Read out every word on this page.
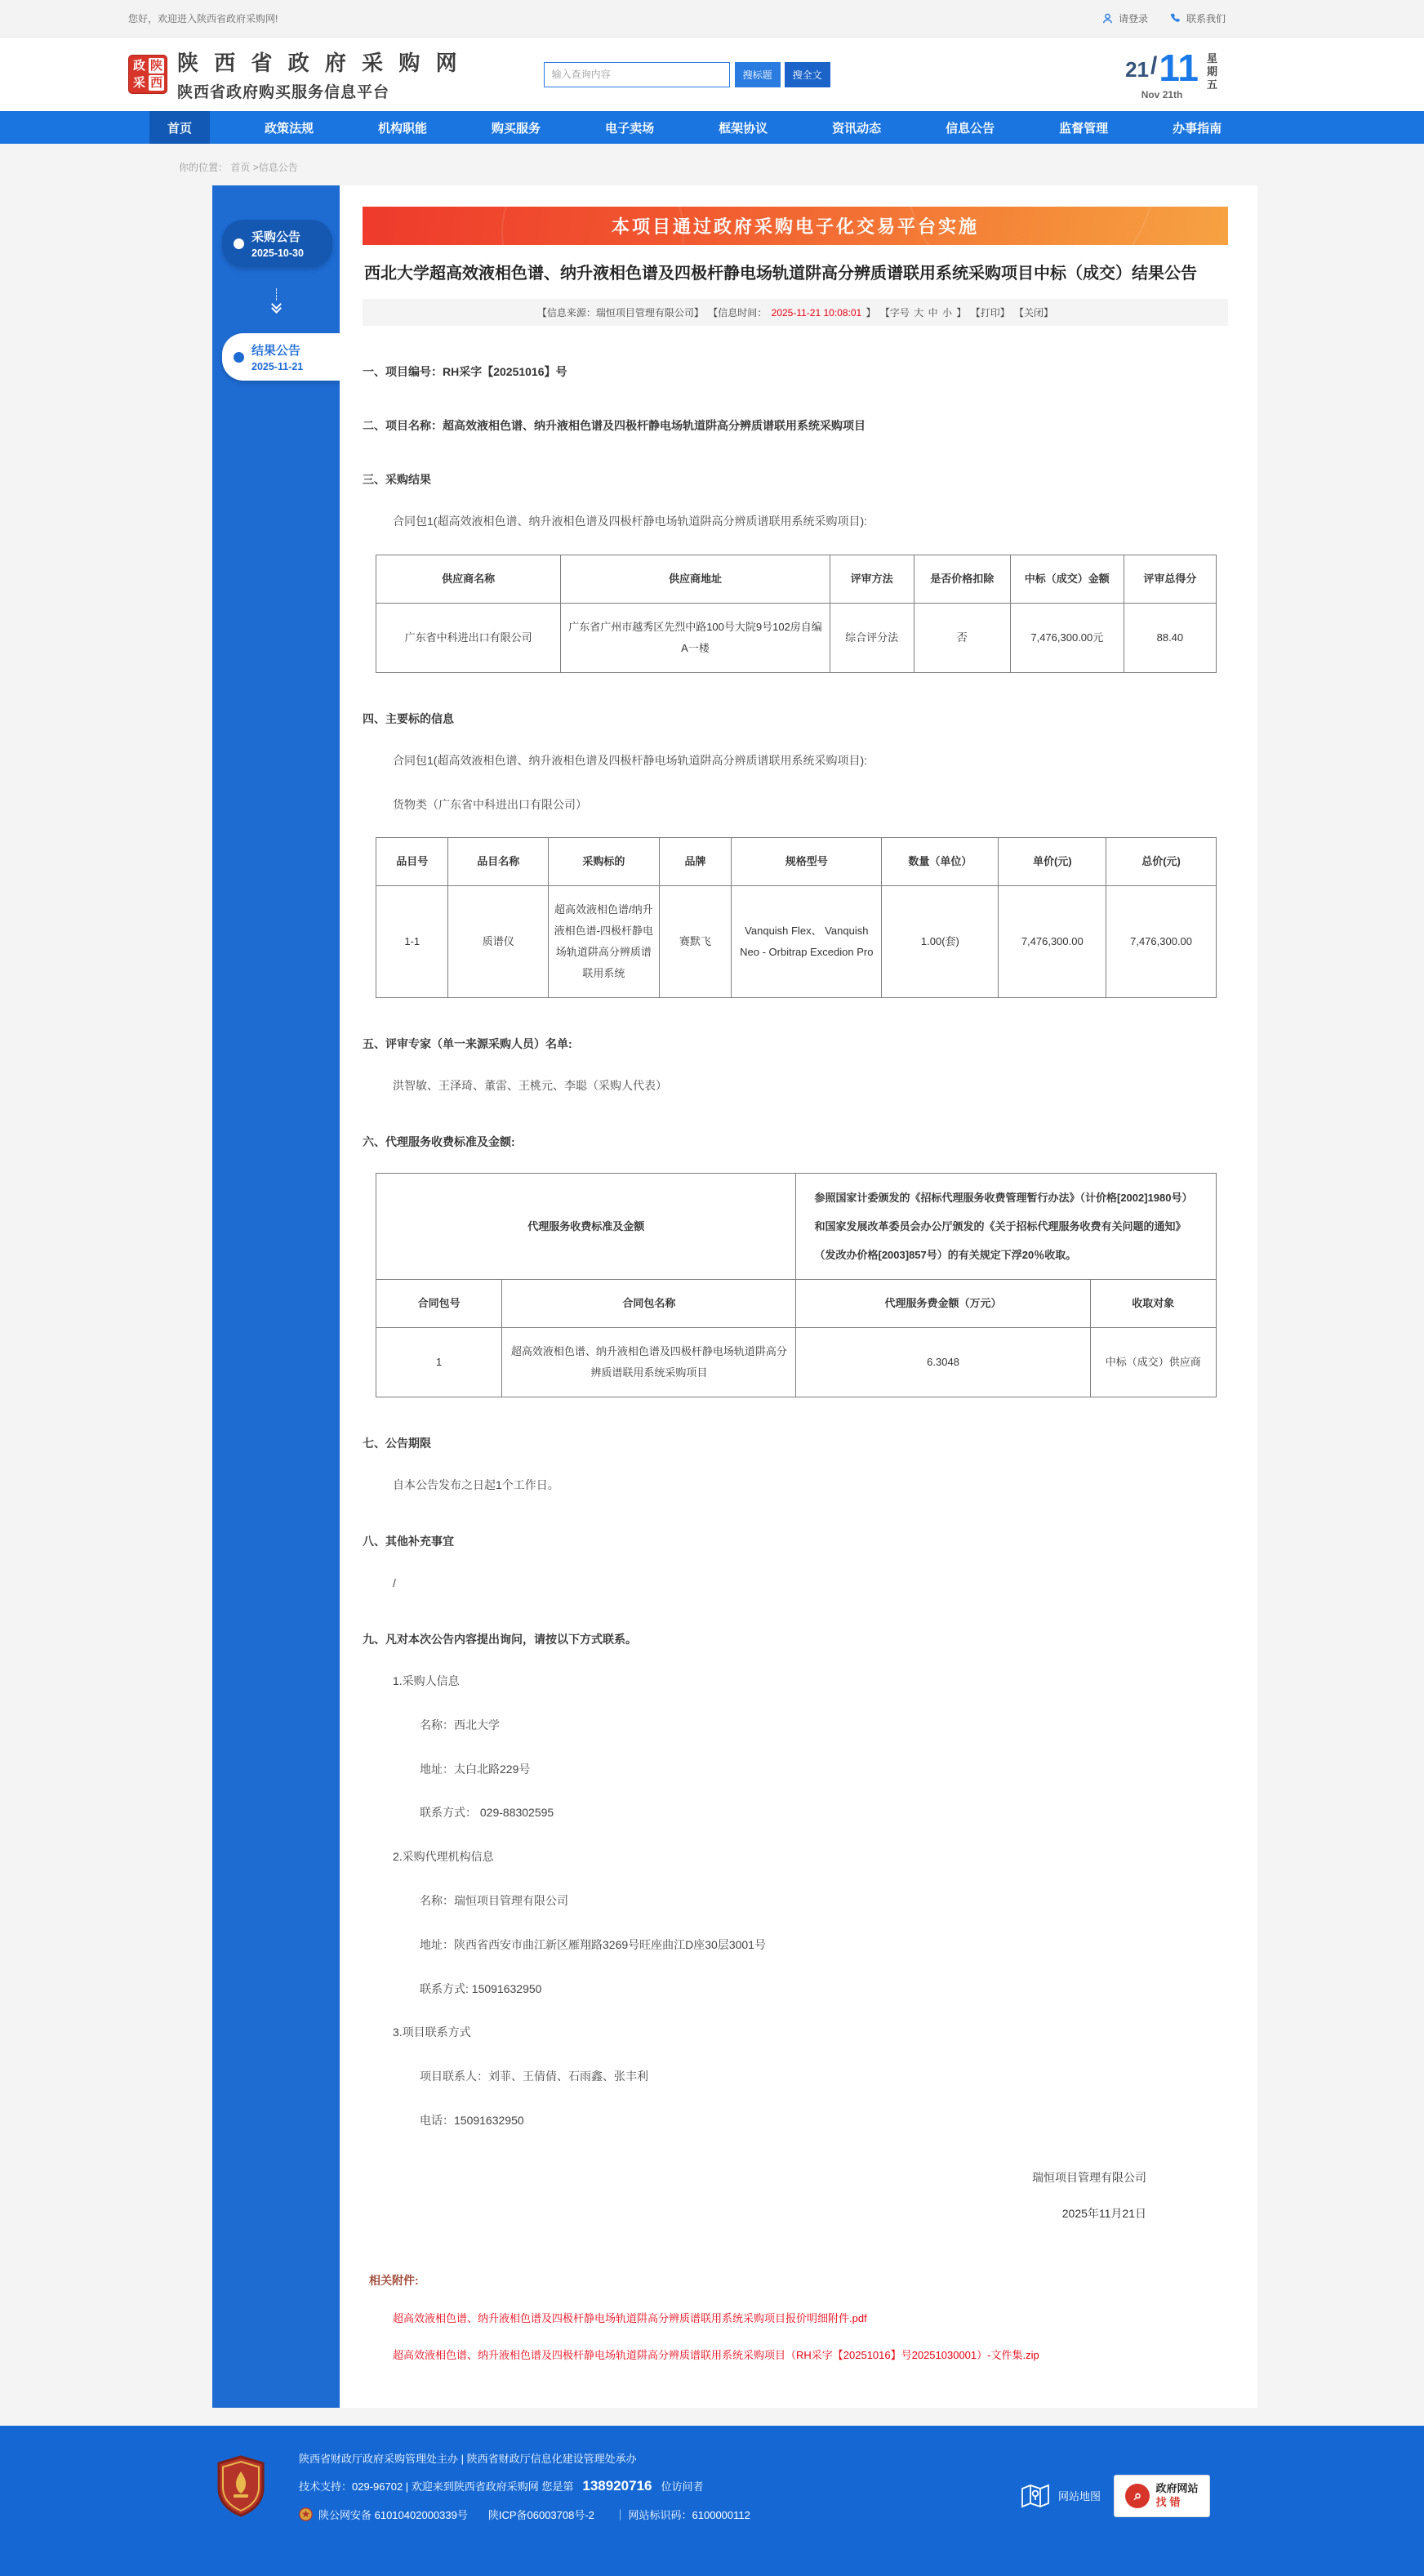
您好，欢迎进入陕西省政府采购网!	请登录	联系我们
政 陕
采 西
陕 西 省 政 府 采 购 网
陕西省政府购买服务信息平台
输入查询内容
搜标题	搜全文	21 / 11
Nov 21th
星
期
五
首页	政策法规	机构职能	购买服务	电子卖场	框架协议	资讯动态	信息公告	监督管理	办事指南
你的位置： 首页 >信息公告
采购公告
2025-10-30
结果公告
2025-11-21
本项目通过政府采购电子化交易平台实施
西北大学超高效液相色谱、纳升液相色谱及四极杆静电场轨道阱高分辨质谱联用系统采购项目中标（成交）结果公告
【信息来源：瑞恒项目管理有限公司】 【信息时间： 2025-11-21 10:08:01 】 【字号 大 中 小 】 【打印】 【关闭】
一、项目编号：RH采字【20251016】号
二、项目名称：超高效液相色谱、纳升液相色谱及四极杆静电场轨道阱高分辨质谱联用系统采购项目
三、采购结果
合同包1(超高效液相色谱、纳升液相色谱及四极杆静电场轨道阱高分辨质谱联用系统采购项目):
供应商名称	供应商地址	评审方法	是否价格扣除	中标（成交）金额	评审总得分
广东省中科进出口有限公司	广东省广州市越秀区先烈中路100号大院9号102房自编A一楼	综合评分法	否	7,476,300.00元	88.40
四、主要标的信息
合同包1(超高效液相色谱、纳升液相色谱及四极杆静电场轨道阱高分辨质谱联用系统采购项目):
货物类（广东省中科进出口有限公司）
品目号	品目名称	采购标的	品牌	规格型号	数量（单位）	单价(元)	总价(元)
1-1	质谱仪	超高效液相色谱/纳升液相色谱-四极杆静电场轨道阱高分辨质谱联用系统	赛默飞	Vanquish Flex、 Vanquish Neo - Orbitrap Excedion Pro	1.00(套)	7,476,300.00	7,476,300.00
五、评审专家（单一来源采购人员）名单:
洪智敏、王泽琦、董雷、王桃元、李聪（采购人代表）
六、代理服务收费标准及金额:
代理服务收费标准及金额		参照国家计委颁发的《招标代理服务收费管理暂行办法》（计价格[2002]1980号）和国家发展改革委员会办公厅颁发的《关于招标代理服务收费有关问题的通知》（发改办价格[2003]857号）的有关规定下浮20％收取。	
合同包号	合同包名称	代理服务费金额（万元）	收取对象
1	超高效液相色谱、纳升液相色谱及四极杆静电场轨道阱高分辨质谱联用系统采购项目	6.3048	中标（成交）供应商
七、公告期限
自本公告发布之日起1个工作日。
八、其他补充事宜
/
九、凡对本次公告内容提出询问，请按以下方式联系。
1.采购人信息
名称：西北大学
地址：太白北路229号
联系方式： 029-88302595
2.采购代理机构信息
名称：瑞恒项目管理有限公司
地址：陕西省西安市曲江新区雁翔路3269号旺座曲江D座30层3001号
联系方式: 15091632950
3.项目联系方式
项目联系人：刘菲、王倩倩、石雨鑫、张丰利
电话：15091632950
瑞恒项目管理有限公司
2025年11月21日
相关附件:
超高效液相色谱、纳升液相色谱及四极杆静电场轨道阱高分辨质谱联用系统采购项目报价明细附件.pdf
超高效液相色谱、纳升液相色谱及四极杆静电场轨道阱高分辨质谱联用系统采购项目（RH采字【20251016】号20251030001）-文件集.zip
陕西省财政厅政府采购管理处主办 | 陕西省财政厅信息化建设管理处承办
技术支持：029-96702 | 欢迎来到陕西省政府采购网 您是第 138920716 位访问者
陕公网安备 61010402000339号 陕ICP备06003708号-2 ｜ 网站标识码：6100000112
网站地图	⌕	政府网站
找错
